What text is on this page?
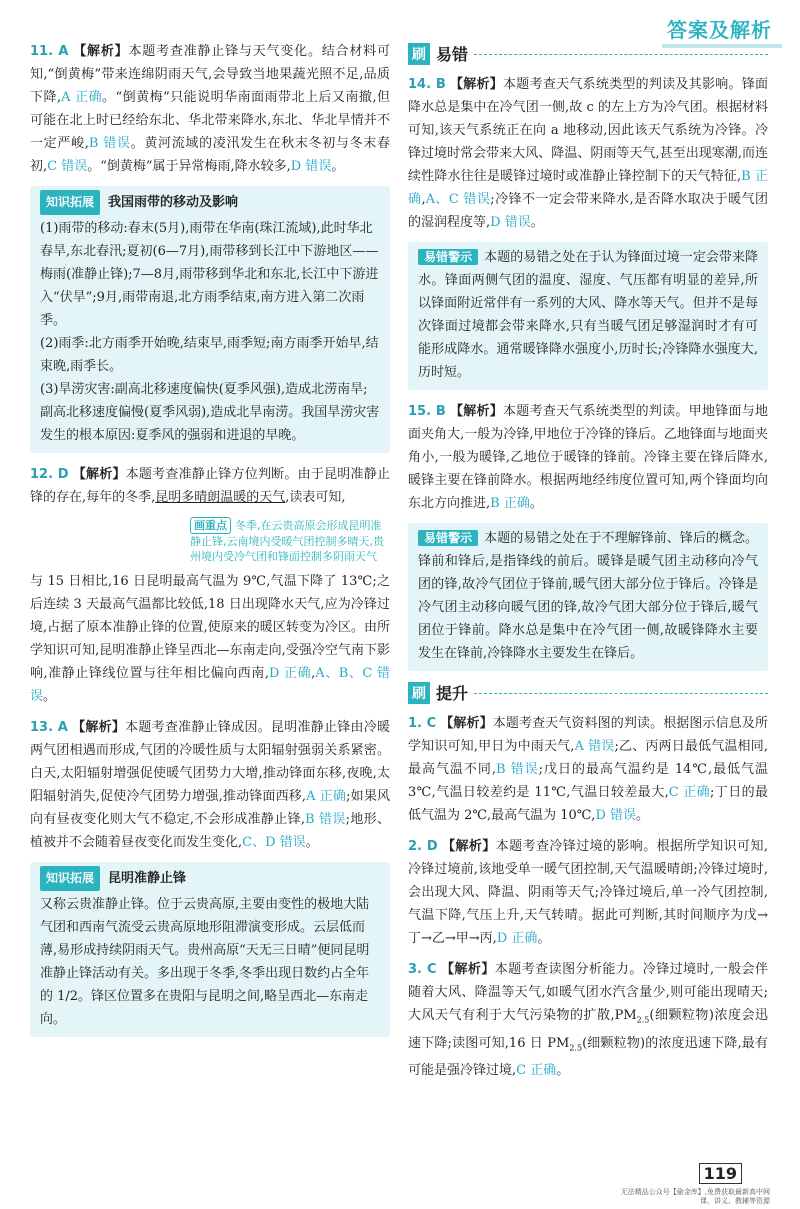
答案及解析
11. A 【解析】本题考查准静止锋与天气变化。结合材料可知,“倒黄梅”带来连绵阴雨天气,会导致当地果蔬光照不足,品质下降,A 正确。“倒黄梅”只能说明华南面雨带北上后又南撤,但可能在北上时已经给东北、华北带来降水,东北、华北旱情并不一定严峻,B 错误。黄河流域的凌汛发生在秋末冬初与冬末春初,C 错误。“倒黄梅”属于异常梅雨,降水较多,D 错误。
知识拓展	我国雨带的移动及影响
(1)雨带的移动:春末(5月),雨带在华南(珠江流域),此时华北春旱,东北春汛;夏初(6—7月),雨带移到长江中下游地区——梅雨(准静止锋);7—8月,雨带移到华北和东北,长江中下游进入“伏旱”;9月,雨带南退,北方雨季结束,南方进入第二次雨季。
(2)雨季:北方雨季开始晚,结束早,雨季短;南方雨季开始早,结束晚,雨季长。
(3)旱涝灾害:副高北移速度偏快(夏季风强),造成北涝南旱;副高北移速度偏慢(夏季风弱),造成北旱南涝。我国旱涝灾害发生的根本原因:夏季风的强弱和进退的早晚。
12. D 【解析】本题考查准静止锋方位判断。由于昆明准静止锋的存在,每年的冬季,昆明多晴朗温暖的天气,读表可知,
画重点 冬季,在云贵高原会形成昆明准静止锋,云南境内受暖气团控制多晴天,贵州境内受冷气团和锋面控制多阴雨天气
与 15 日相比,16 日昆明最高气温为 9℃,气温下降了 13℃;之后连续 3 天最高气温都比较低,18 日出现降水天气,应为冷锋过境,占据了原本准静止锋的位置,使原来的暖区转变为冷区。由所学知识可知,昆明准静止锋呈西北—东南走向,受强冷空气南下影响,准静止锋线位置与往年相比偏向西南,D 正确,A、B、C 错误。
13. A 【解析】本题考查准静止锋成因。昆明准静止锋由冷暖两气团相遇而形成,气团的冷暖性质与太阳辐射强弱关系紧密。白天,太阳辐射增强促使暖气团势力大增,推动锋面东移,夜晚,太阳辐射消失,促使冷气团势力增强,推动锋面西移,A 正确;如果风向有昼夜变化则大气不稳定,不会形成准静止锋,B 错误;地形、植被并不会随着昼夜变化而发生变化,C、D 错误。
知识拓展	昆明准静止锋
又称云贵准静止锋。位于云贵高原,主要由变性的极地大陆气团和西南气流受云贵高原地形阻滞演变形成。云层低而薄,易形成持续阴雨天气。贵州高原“天无三日晴”便同昆明准静止锋活动有关。多出现于冬季,冬季出现日数约占全年的 1/2。锋区位置多在贵阳与昆明之间,略呈西北—东南走向。
刷 易错
14. B 【解析】本题考查天气系统类型的判读及其影响。锋面降水总是集中在冷气团一侧,故 c 的左上方为冷气团。根据材料可知,该天气系统正在向 a 地移动,因此该天气系统为冷锋。冷锋过境时常会带来大风、降温、阴雨等天气,甚至出现寒潮,而连续性降水往往是暖锋过境时或准静止锋控制下的天气特征,B 正确,A、C 错误;冷锋不一定会带来降水,是否降水取决于暖气团的湿润程度等,D 错误。
易错警示 本题的易错之处在于认为锋面过境一定会带来降水。锋面两侧气团的温度、湿度、气压都有明显的差异,所以锋面附近常伴有一系列的大风、降水等天气。但并不是每次锋面过境都会带来降水,只有当暖气团足够湿润时才有可能形成降水。通常暖锋降水强度小,历时长;冷锋降水强度大,历时短。
15. B 【解析】本题考查天气系统类型的判读。甲地锋面与地面夹角大,一般为冷锋,甲地位于冷锋的锋后。乙地锋面与地面夹角小,一般为暖锋,乙地位于暖锋的锋前。冷锋主要在锋后降水,暖锋主要在锋前降水。根据两地经纬度位置可知,两个锋面均向东北方向推进,B 正确。
易错警示 本题的易错之处在于不理解锋前、锋后的概念。锋前和锋后,是指锋线的前后。暖锋是暖气团主动移向冷气团的锋,故冷气团位于锋前,暖气团大部分位于锋后。冷锋是冷气团主动移向暖气团的锋,故冷气团大部分位于锋后,暖气团位于锋前。降水总是集中在冷气团一侧,故暖锋降水主要发生在锋前,冷锋降水主要发生在锋后。
刷 提升
1. C 【解析】本题考查天气资料图的判读。根据图示信息及所学知识可知,甲日为中雨天气,A 错误;乙、丙两日最低气温相同,最高气温不同,B 错误;戊日的最高气温约是 14℃,最低气温 3℃,气温日较差约是 11℃,气温日较差最大,C 正确;丁日的最低气温为 2℃,最高气温为 10℃,D 错误。
2. D 【解析】本题考查冷锋过境的影响。根据所学知识可知,冷锋过境前,该地受单一暖气团控制,天气温暖晴朗;冷锋过境时,会出现大风、降温、阴雨等天气;冷锋过境后,单一冷气团控制,气温下降,气压上升,天气转晴。据此可判断,其时间顺序为戊→丁→乙→甲→丙,D 正确。
3. C 【解析】本题考查读图分析能力。冷锋过境时,一般会伴随着大风、降温等天气,如暖气团水汽含量少,则可能出现晴天;大风天气有利于大气污染物的扩散$,PM_{2.5}$(细颗粒物)浓度会迅速下降;读图可知,16 日 $PM_{2.5}$(细颗粒物)的浓度迅速下降,最有可能是强冷锋过境,C 正确。
119
无法精品公众号【偷金库】,免费获取最新高中网课、讲义、教辅等资源
